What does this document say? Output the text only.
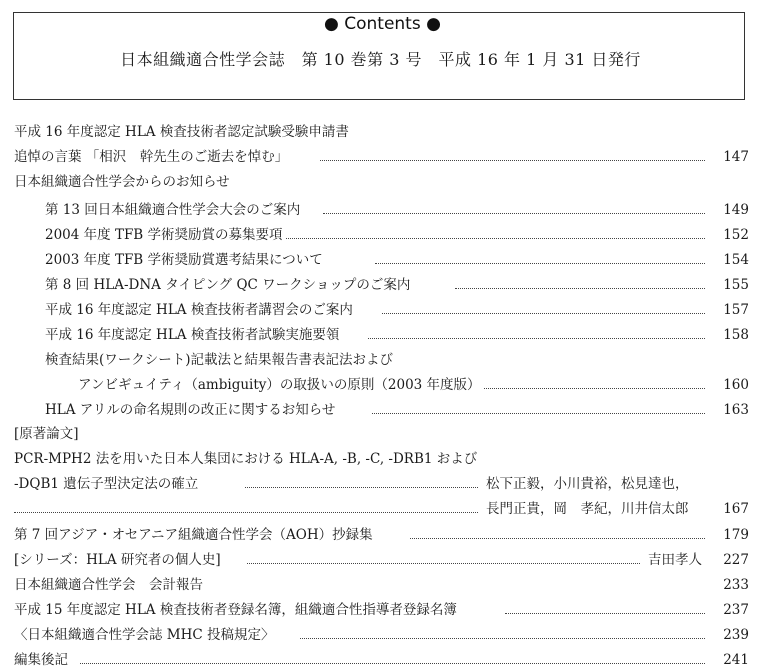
● Contents ●
日本組織適合性学会誌　第 10 巻第 3 号　平成 16 年 1 月 31 日発行
平成 16 年度認定 HLA 検査技術者認定試験受験申請書
追悼の言葉 「相沢　幹先生のご逝去を悼む」	147
日本組織適合性学会からのお知らせ
第 13 回日本組織適合性学会大会のご案内	149
2004 年度 TFB 学術奨励賞の募集要項	152
2003 年度 TFB 学術奨励賞選考結果について	154
第 8 回 HLA-DNA タイピング QC ワークショップのご案内	155
平成 16 年度認定 HLA 検査技術者講習会のご案内	157
平成 16 年度認定 HLA 検査技術者試験実施要領	158
検査結果(ワークシート)記載法と結果報告書表記法および
アンビギュイティ（ambiguity）の取扱いの原則（2003 年度版）	160
HLA アリルの命名規則の改正に関するお知らせ	163
[原著論文]
PCR-MPH2 法を用いた日本人集団における HLA-A, -B, -C, -DRB1 および
-DQB1 遺伝子型決定法の確立	松下正毅，小川貴裕，松見達也，
長門正貴，岡　孝紀，川井信太郎	167
第 7 回アジア・オセアニア組織適合性学会（AOH）抄録集	179
[シリーズ：HLA 研究者の個人史]	吉田孝人 227
日本組織適合性学会　会計報告	233
平成 15 年度認定 HLA 検査技術者登録名簿，組織適合性指導者登録名簿	237
〈日本組織適合性学会誌 MHC 投稿規定〉	239
編集後記	241
